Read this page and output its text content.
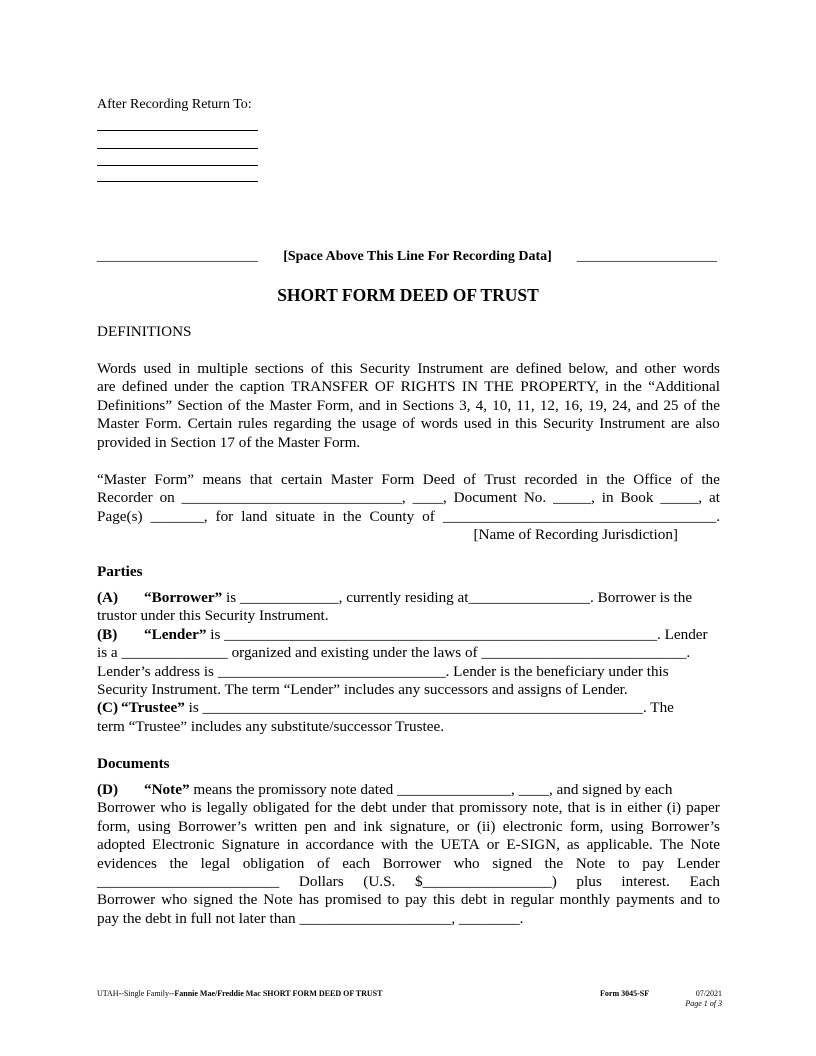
After Recording Return To:
_______________________ [Space Above This Line For Recording Data] ____________________
SHORT FORM DEED OF TRUST
DEFINITIONS
Words used in multiple sections of this Security Instrument are defined below, and other words
are defined under the caption TRANSFER OF RIGHTS IN THE PROPERTY, in the “Additional
Definitions” Section of the Master Form, and in Sections 3, 4, 10, 11, 12, 16, 19, 24, and 25 of the
Master Form. Certain rules regarding the usage of words used in this Security Instrument are also
provided in Section 17 of the Master Form.
“Master Form” means that certain Master Form Deed of Trust recorded in the Office of the
Recorder on _____________________________, ____, Document No. _____, in Book _____, at
Page(s) _______, for land situate in the County of ____________________________________.
[Name of Recording Jurisdiction]
Parties
(A) “Borrower” is _____________, currently residing at________________. Borrower is the
trustor under this Security Instrument.
(B) “Lender” is _________________________________________________________. Lender
is a ______________ organized and existing under the laws of ___________________________.
Lender’s address is ______________________________. Lender is the beneficiary under this
Security Instrument. The term “Lender” includes any successors and assigns of Lender.
(C) “Trustee” is __________________________________________________________. The
term “Trustee” includes any substitute/successor Trustee.
Documents
(D) “Note” means the promissory note dated _______________, ____, and signed by each
Borrower who is legally obligated for the debt under that promissory note, that is in either (i) paper
form, using Borrower’s written pen and ink signature, or (ii) electronic form, using Borrower’s
adopted Electronic Signature in accordance with the UETA or E-SIGN, as applicable. The Note
evidences the legal obligation of each Borrower who signed the Note to pay Lender
________________________ Dollars (U.S. $_________________) plus interest. Each
Borrower who signed the Note has promised to pay this debt in regular monthly payments and to
pay the debt in full not later than ____________________, ________.
UTAH--Single Family--Fannie Mae/Freddie Mac SHORT FORM DEED OF TRUST	Form 3045-SF	07/2021
Page 1 of 3
